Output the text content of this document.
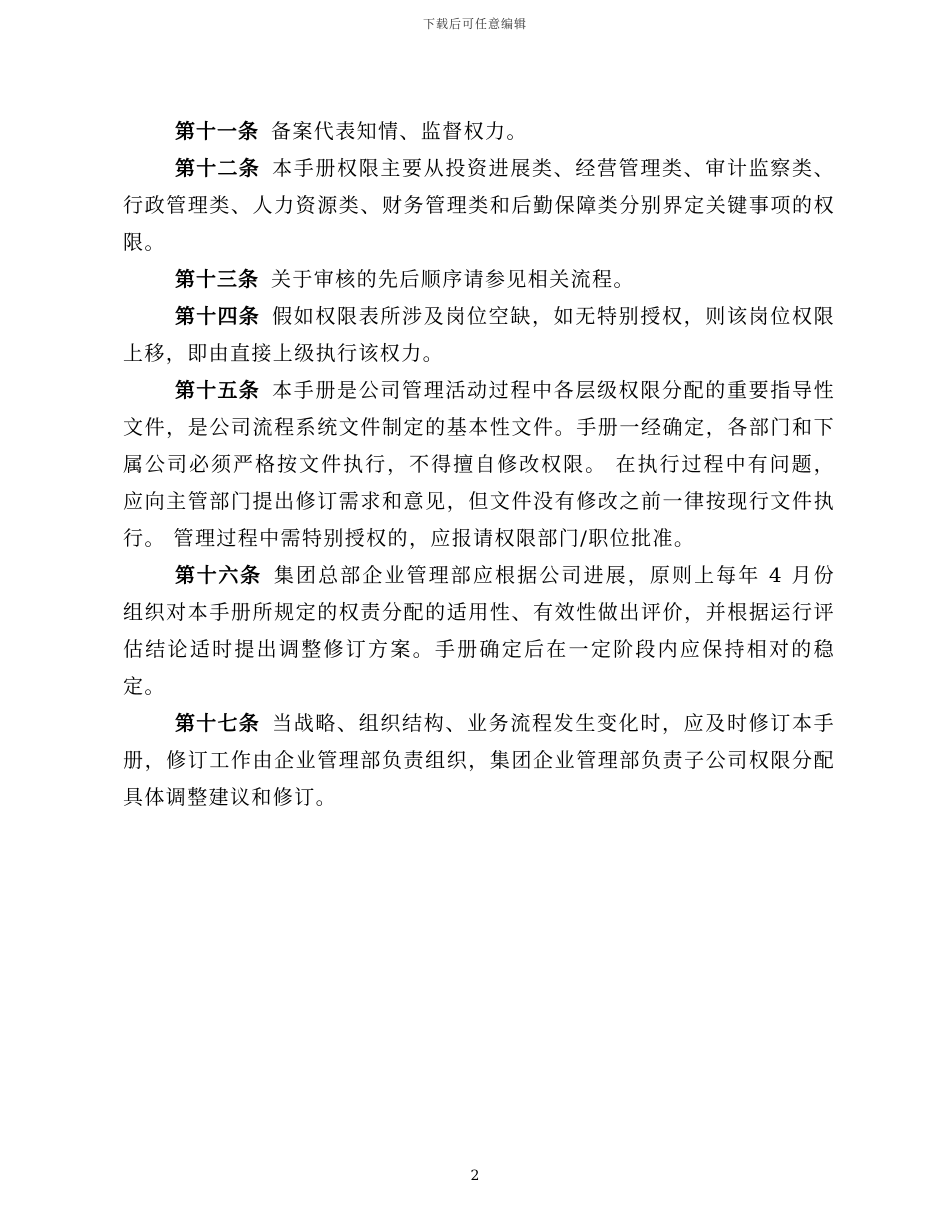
下载后可任意编辑

第十一条 备案代表知情、监督权力。

第十二条 本手册权限主要从投资进展类、经营管理类、审计监察类、行政管理类、人力资源类、财务管理类和后勤保障类分别界定关键事项的权限。

第十三条 关于审核的先后顺序请参见相关流程。

第十四条 假如权限表所涉及岗位空缺，如无特别授权，则该岗位权限上移，即由直接上级执行该权力。

第十五条 本手册是公司管理活动过程中各层级权限分配的重要指导性文件，是公司流程系统文件制定的基本性文件。手册一经确定，各部门和下属公司必须严格按文件执行，不得擅自修改权限。 在执行过程中有问题，应向主管部门提出修订需求和意见，但文件没有修改之前一律按现行文件执行。 管理过程中需特别授权的，应报请权限部门/职位批准。

第十六条 集团总部企业管理部应根据公司进展，原则上每年 4 月份组织对本手册所规定的权责分配的适用性、有效性做出评价，并根据运行评估结论适时提出调整修订方案。手册确定后在一定阶段内应保持相对的稳定。

第十七条 当战略、组织结构、业务流程发生变化时，应及时修订本手册，修订工作由企业管理部负责组织，集团企业管理部负责子公司权限分配具体调整建议和修订。

2
